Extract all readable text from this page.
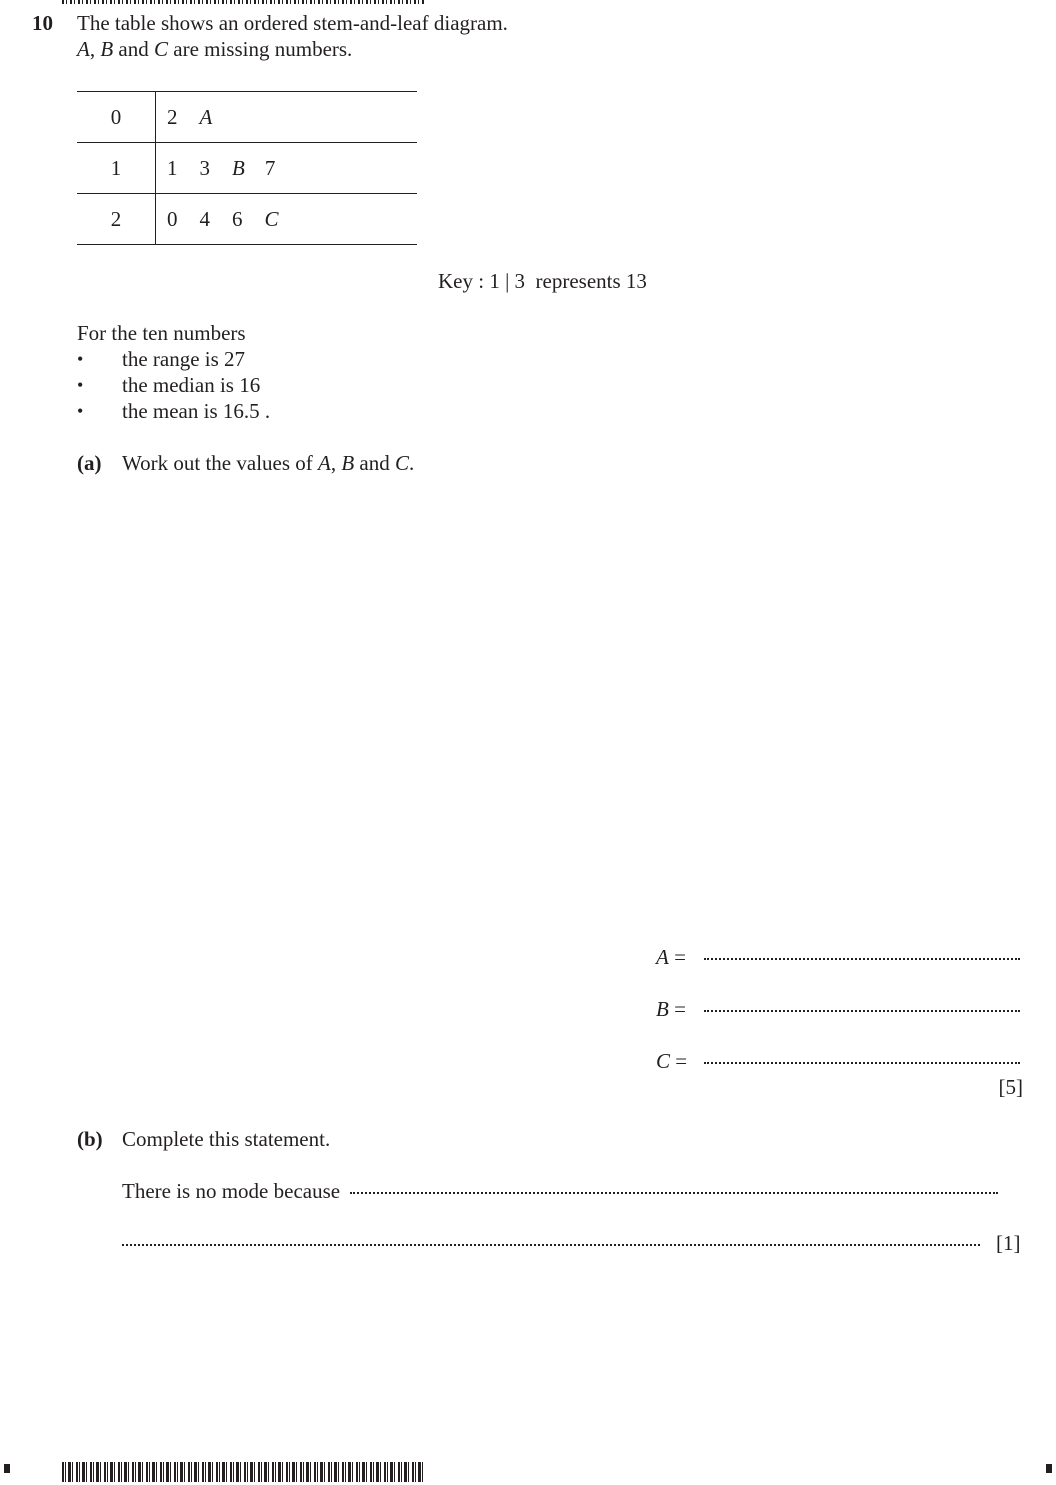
10 The table shows an ordered stem-and-leaf diagram.
A, B and C are missing numbers.
0	2 A
1	1 3 B 7
2	0 4 6 C
Key : 1 | 3  represents 13
For the ten numbers
• the range is 27
• the median is 16
• the mean is 16.5 .
(a) Work out the values of A, B and C.
A =
B =
C =
[5]
(b) Complete this statement.
There is no mode because
[1]
